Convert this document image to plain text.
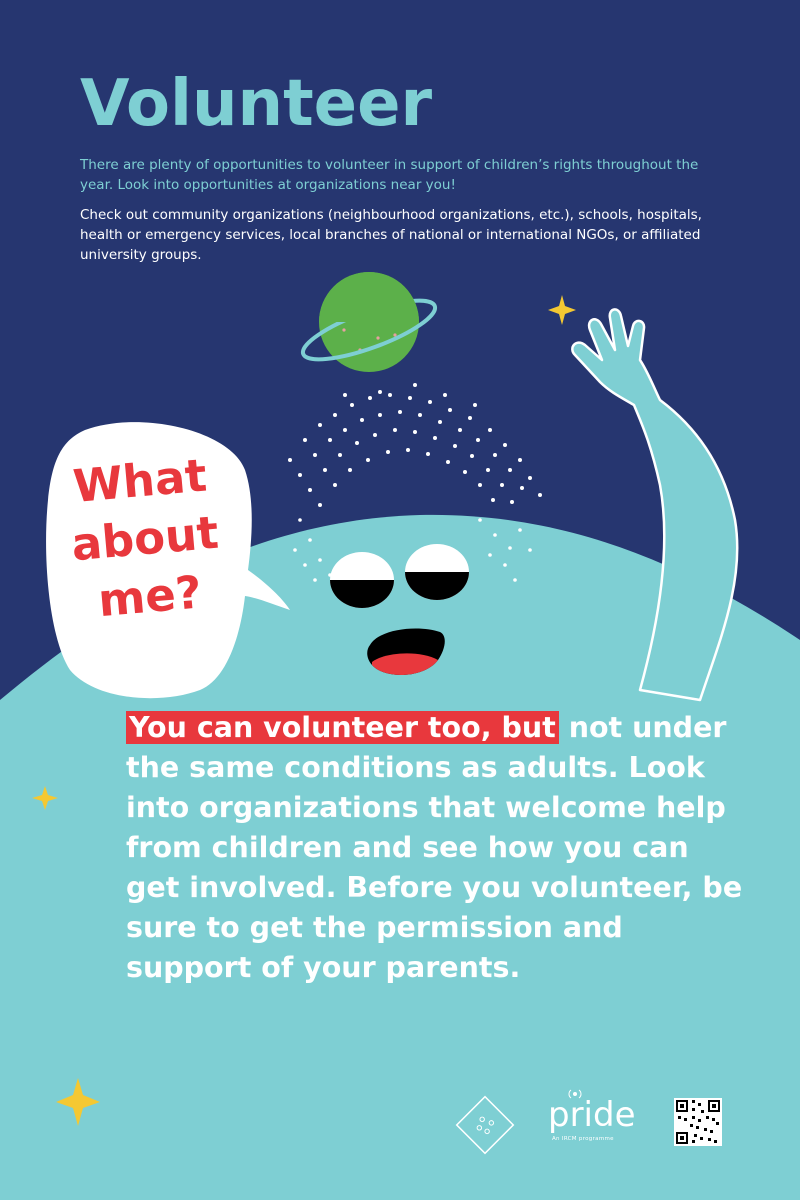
Volunteer

There are plenty of opportunities to volunteer in support of children’s rights throughout the year. Look into opportunities at organizations near you!

Check out community organizations (neighbourhood organizations, etc.), schools, hospitals, health or emergency services, local branches of national or international NGOs, or affiliated university groups.

What
about
me?

You can volunteer too, but not under the same conditions as adults. Look into organizations that welcome help from children and see how you can get involved. Before you volunteer, be sure to get the permission and support of your parents.

pride
An IRCM programme
